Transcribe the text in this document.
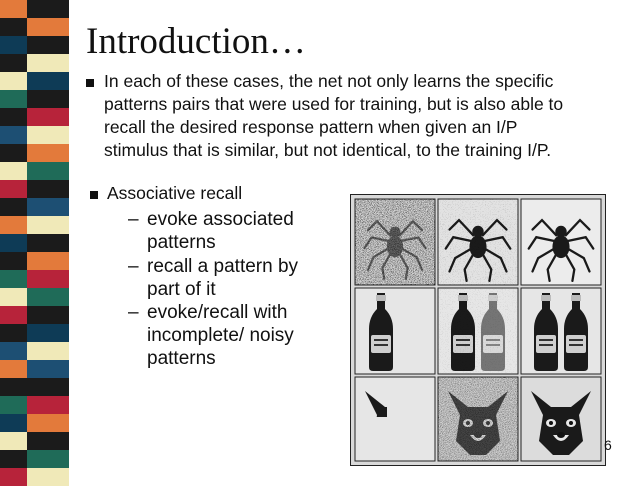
Introduction…
In each of these cases, the net not only learns the specific
patterns pairs that were used for training, but is also able to
recall the desired response pattern when given an I/P
stimulus that is similar, but not identical, to the training I/P.
Associative recall
– evoke associated
patterns
– recall a pattern by
part of it
– evoke/recall with
incomplete/ noisy
patterns
6
